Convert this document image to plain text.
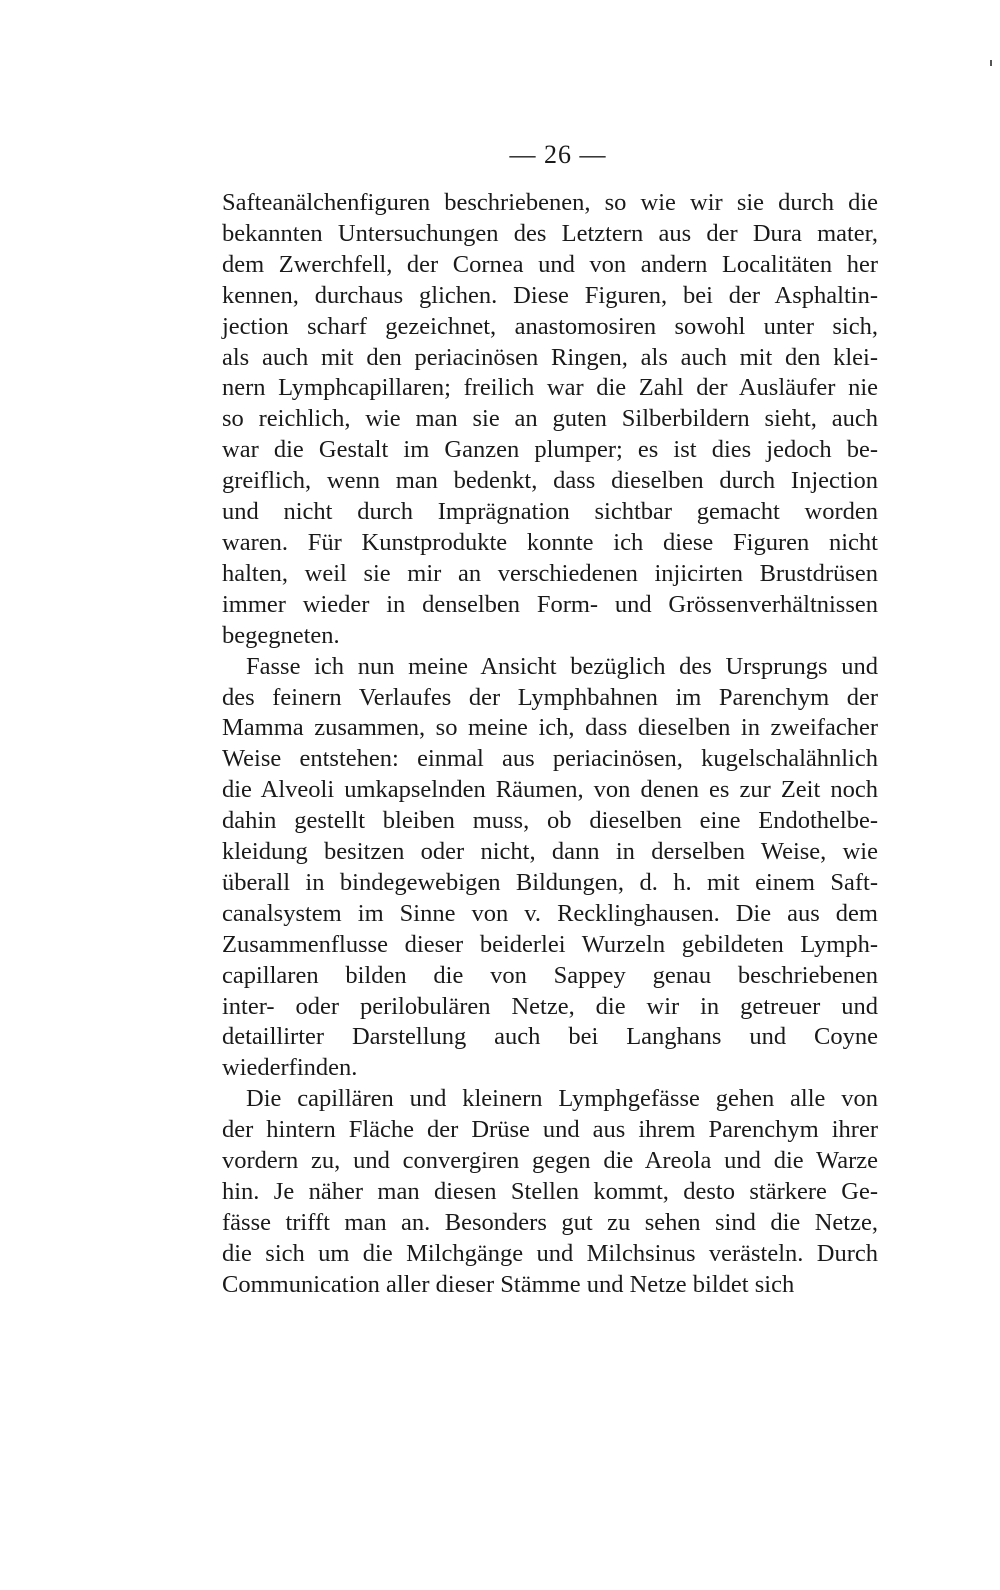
— 26 —
Safteanälchenfiguren beschriebenen, so wie wir sie durch die
bekannten Untersuchungen des Letztern aus der Dura mater,
dem Zwerchfell, der Cornea und von andern Localitäten her
kennen, durchaus glichen. Diese Figuren, bei der Asphaltin-
jection scharf gezeichnet, anastomosiren sowohl unter sich,
als auch mit den periacinösen Ringen, als auch mit den klei-
nern Lymphcapillaren; freilich war die Zahl der Ausläufer nie
so reichlich, wie man sie an guten Silberbildern sieht, auch
war die Gestalt im Ganzen plumper; es ist dies jedoch be-
greiflich, wenn man bedenkt, dass dieselben durch Injection
und nicht durch Imprägnation sichtbar gemacht worden
waren. Für Kunstprodukte konnte ich diese Figuren nicht
halten, weil sie mir an verschiedenen injicirten Brustdrüsen
immer wieder in denselben Form- und Grössenverhältnissen
begegneten.
Fasse ich nun meine Ansicht bezüglich des Ursprungs und
des feinern Verlaufes der Lymphbahnen im Parenchym der
Mamma zusammen, so meine ich, dass dieselben in zweifacher
Weise entstehen: einmal aus periacinösen, kugelschalähnlich
die Alveoli umkapselnden Räumen, von denen es zur Zeit noch
dahin gestellt bleiben muss, ob dieselben eine Endothelbe-
kleidung besitzen oder nicht, dann in derselben Weise, wie
überall in bindegewebigen Bildungen, d. h. mit einem Saft-
canalsystem im Sinne von v. Recklinghausen. Die aus dem
Zusammenflusse dieser beiderlei Wurzeln gebildeten Lymph-
capillaren bilden die von Sappey genau beschriebenen
inter- oder perilobulären Netze, die wir in getreuer und
detaillirter Darstellung auch bei Langhans und Coyne
wiederfinden.
Die capillären und kleinern Lymphgefässe gehen alle von
der hintern Fläche der Drüse und aus ihrem Parenchym ihrer
vordern zu, und convergiren gegen die Areola und die Warze
hin. Je näher man diesen Stellen kommt, desto stärkere Ge-
fässe trifft man an. Besonders gut zu sehen sind die Netze,
die sich um die Milchgänge und Milchsinus verästeln. Durch
Communication aller dieser Stämme und Netze bildet sich
